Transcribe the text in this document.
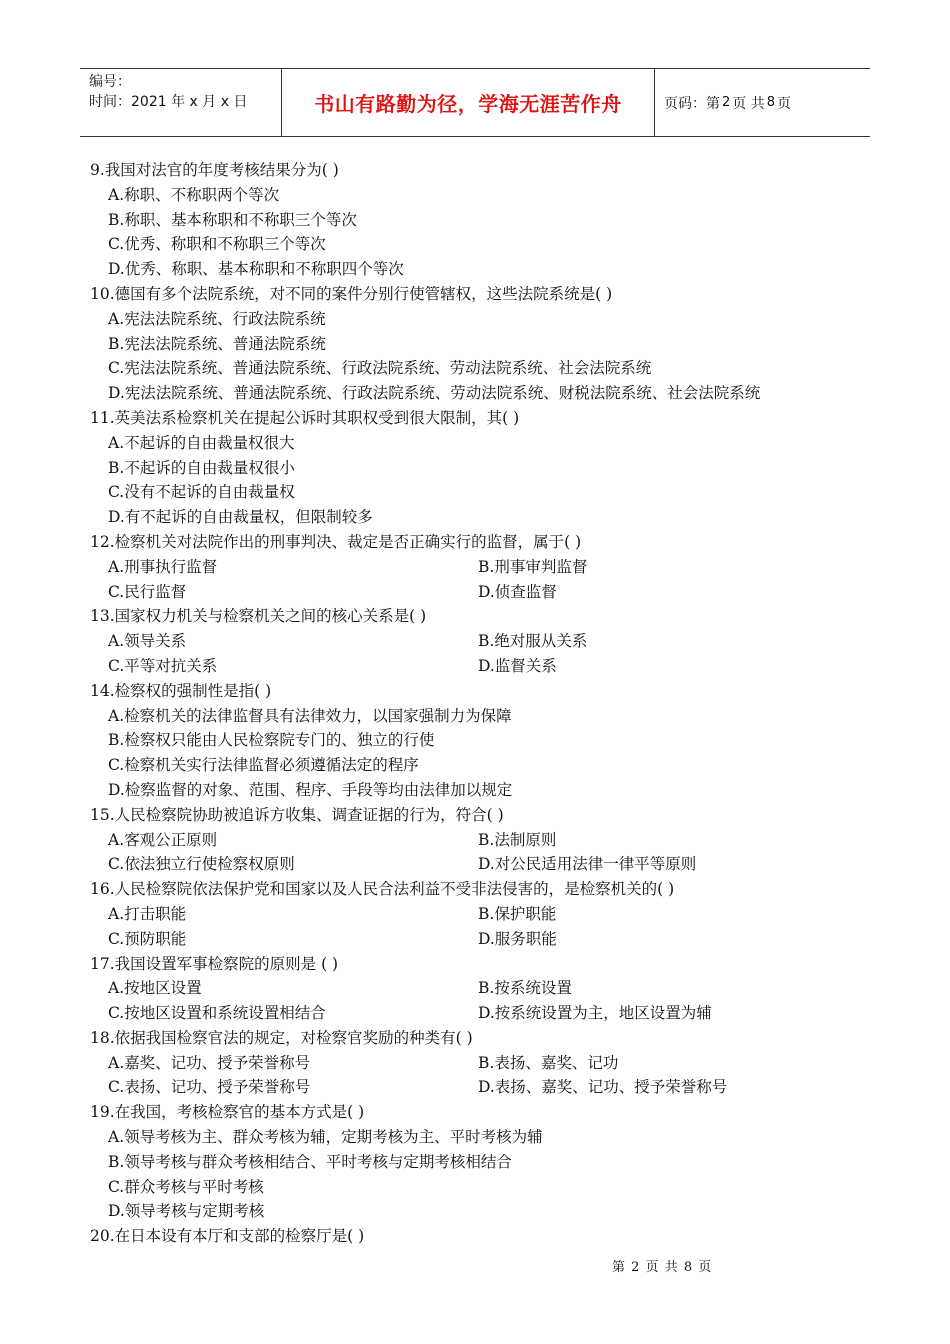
编号：
时间：2021 年 x 月 x 日	书山有路勤为径，学海无涯苦作舟	页码：第 2 页 共 8 页
9.我国对法官的年度考核结果分为( )
A.称职、不称职两个等次
B.称职、基本称职和不称职三个等次
C.优秀、称职和不称职三个等次
D.优秀、称职、基本称职和不称职四个等次
10.德国有多个法院系统，对不同的案件分别行使管辖权，这些法院系统是( )
A.宪法法院系统、行政法院系统
B.宪法法院系统、普通法院系统
C.宪法法院系统、普通法院系统、行政法院系统、劳动法院系统、社会法院系统
D.宪法法院系统、普通法院系统、行政法院系统、劳动法院系统、财税法院系统、社会法院系统
11.英美法系检察机关在提起公诉时其职权受到很大限制，其( )
A.不起诉的自由裁量权很大
B.不起诉的自由裁量权很小
C.没有不起诉的自由裁量权
D.有不起诉的自由裁量权，但限制较多
12.检察机关对法院作出的刑事判决、裁定是否正确实行的监督，属于( )
A.刑事执行监督	B.刑事审判监督
C.民行监督	D.侦查监督
13.国家权力机关与检察机关之间的核心关系是( )
A.领导关系	B.绝对服从关系
C.平等对抗关系	D.监督关系
14.检察权的强制性是指( )
A.检察机关的法律监督具有法律效力，以国家强制力为保障
B.检察权只能由人民检察院专门的、独立的行使
C.检察机关实行法律监督必须遵循法定的程序
D.检察监督的对象、范围、程序、手段等均由法律加以规定
15.人民检察院协助被追诉方收集、调查证据的行为，符合( )
A.客观公正原则	B.法制原则
C.依法独立行使检察权原则	D.对公民适用法律一律平等原则
16.人民检察院依法保护党和国家以及人民合法利益不受非法侵害的，是检察机关的( )
A.打击职能	B.保护职能
C.预防职能	D.服务职能
17.我国设置军事检察院的原则是 ( )
A.按地区设置	B.按系统设置
C.按地区设置和系统设置相结合	D.按系统设置为主，地区设置为辅
18.依据我国检察官法的规定，对检察官奖励的种类有( )
A.嘉奖、记功、授予荣誉称号	B.表扬、嘉奖、记功
C.表扬、记功、授予荣誉称号	D.表扬、嘉奖、记功、授予荣誉称号
19.在我国，考核检察官的基本方式是( )
A.领导考核为主、群众考核为辅，定期考核为主、平时考核为辅
B.领导考核与群众考核相结合、平时考核与定期考核相结合
C.群众考核与平时考核
D.领导考核与定期考核
20.在日本设有本厅和支部的检察厅是( )
第 2 页 共 8 页
